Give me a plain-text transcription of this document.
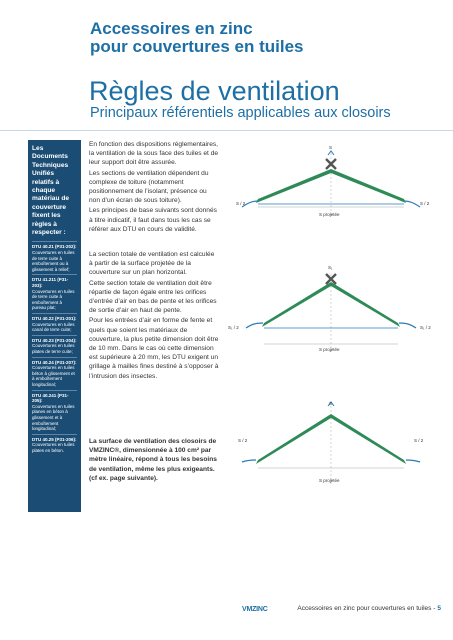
Accessoires en zinc
pour couvertures en tuiles
Règles de ventilation
Principaux référentiels applicables aux closoirs
Les Documents Techniques Unifiés relatifs à chaque matériau de couverture fixent les règles à respecter :
DTU 40.21 (P31-202):
Couvertures en tuiles de terre cuite à emboîtement ou à glissement à relief;
DTU 41.211 (P31-203):
Couvertures en tuiles de terre cuite à emboîtement à pureau plat;
DTU 40.22 (P31-201):
Couvertures en tuiles canal de terre cuite;
DTU 40.23 (P31-204):
Couvertures en tuiles plates de terre cuite;
DTU 40.24 (P31-207):
Couvertures en tuiles béton à glissement et à emboîtement longitudinal;
DTU 40.241 (P31-205):
Couvertures en tuiles planes en béton à glissement et à emboîtement longitudinal;
DTU 40.25 (P31-206):
Couvertures en tuiles plates en béton.

En fonction des dispositions réglementaires, la ventilation de la sous face des tuiles et de leur support doit être assurée.

Les sections de ventilation dépendent du complexe de toiture (notamment positionnement de l’isolant, présence ou non d’un écran de sous toiture).

Les principes de base suivants sont donnés à titre indicatif, il faut dans tous les cas se référer aux DTU en cours de validité.

La section totale de ventilation est calculée à partir de la surface projetée de la couverture sur un plan horizontal.

Cette section totale de ventilation doit être répartie de façon égale entre les orifices d’entrée d’air en bas de pente et les orifices de sortie d’air en haut de pente.

Pour les entrées d’air en forme de fente et quels que soient les matériaux de couverture, la plus petite dimension doit être de 10 mm. Dans le cas où cette dimension est supérieure à 20 mm, les DTU exigent un grillage à mailles fines destiné à s’opposer à l’intrusion des insectes.

La surface de ventilation des closoirs de VMZINC®, dimensionnée à 100 cm² par mètre linéaire, répond à tous les besoins de ventilation, même les plus exigeants. (cf ex. page suivante).

S
S / 2	S / 2
S projetée
S₁
S₁ / 2	S₁ / 2
S projetée
S
S / 2	S / 2
S projetée
VMZINC	Accessoires en zinc pour couvertures en tuiles - 5
